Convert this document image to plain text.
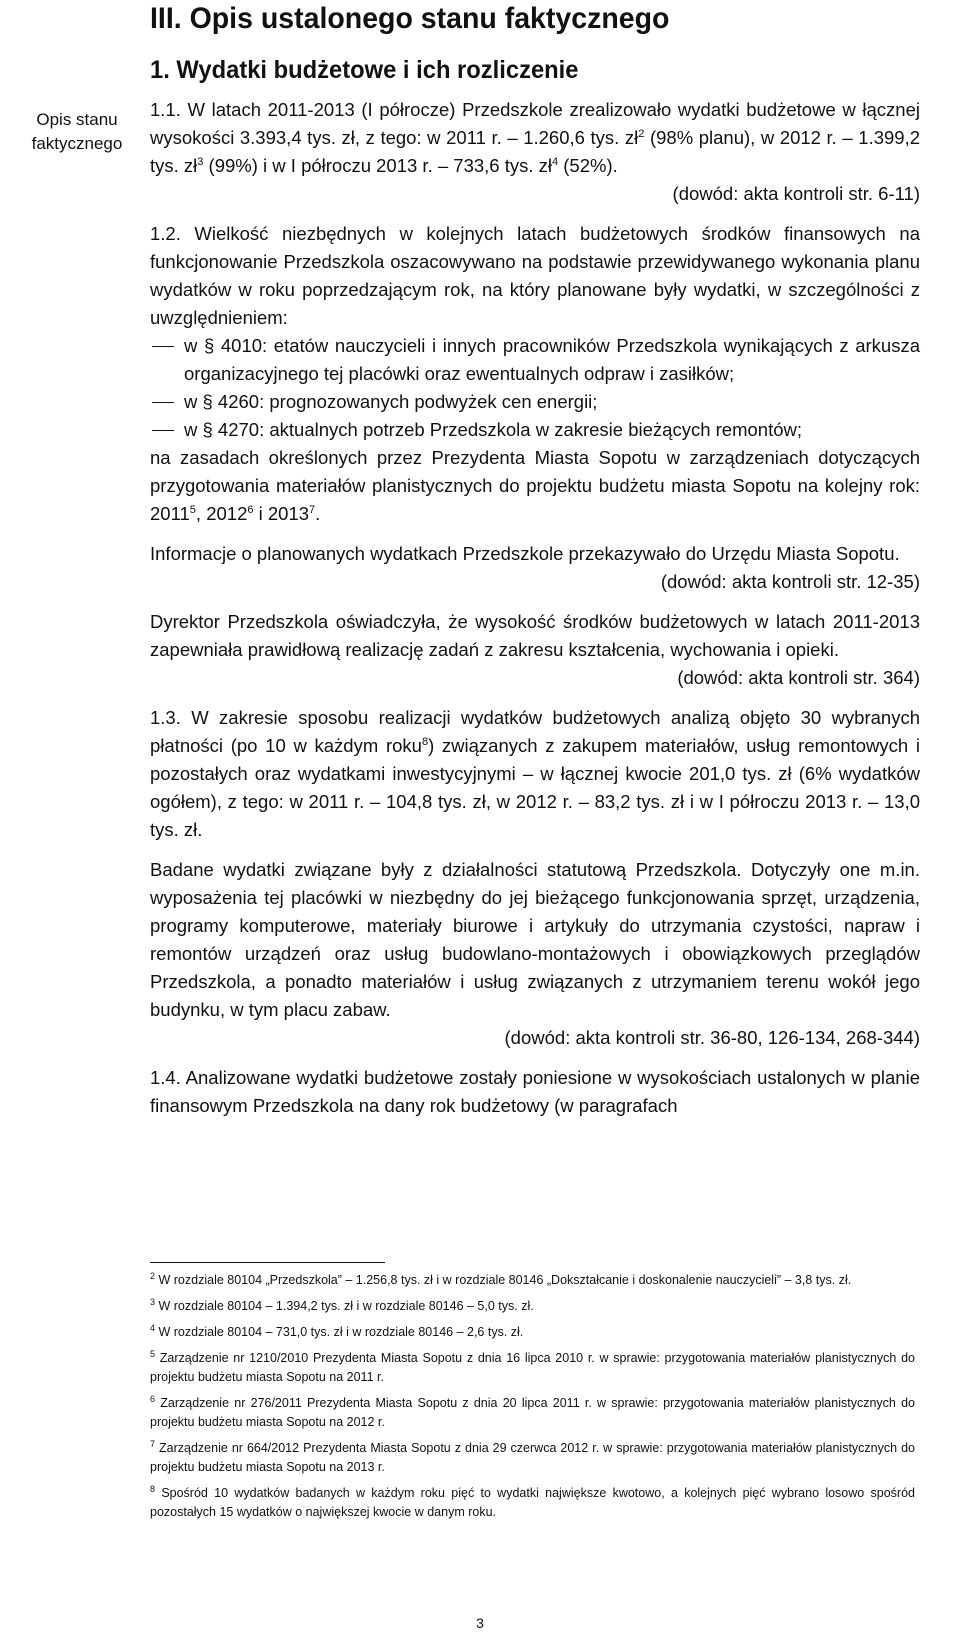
Opis stanu faktycznego
III. Opis ustalonego stanu faktycznego
1. Wydatki budżetowe i ich rozliczenie

1.1. W latach 2011-2013 (I półrocze) Przedszkole zrealizowało wydatki budżetowe w łącznej wysokości 3.393,4 tys. zł, z tego: w 2011 r. – 1.260,6 tys. $zł^2$ (98% planu), w 2012 r. – 1.399,2 tys. $zł^3$ (99%) i w I półroczu 2013 r. – 733,6 tys. $zł^4$ (52%).

(dowód: akta kontroli str. 6-11)

1.2. Wielkość niezbędnych w kolejnych latach budżetowych środków finansowych na funkcjonowanie Przedszkola oszacowywano na podstawie przewidywanego wykonania planu wydatków w roku poprzedzającym rok, na który planowane były wydatki, w szczególności z uwzględnieniem:

w § 4010: etatów nauczycieli i innych pracowników Przedszkola wynikających z arkusza organizacyjnego tej placówki oraz ewentualnych odpraw i zasiłków;
w § 4260: prognozowanych podwyżek cen energii;
w § 4270: aktualnych potrzeb Przedszkola w zakresie bieżących remontów;

na zasadach określonych przez Prezydenta Miasta Sopotu w zarządzeniach dotyczących przygotowania materiałów planistycznych do projektu budżetu miasta Sopotu na kolejny rok: 2011$^5$, 2012$^6$ i 2013$^7$.

Informacje o planowanych wydatkach Przedszkole przekazywało do Urzędu Miasta Sopotu.

(dowód: akta kontroli str. 12-35)

Dyrektor Przedszkola oświadczyła, że wysokość środków budżetowych w latach 2011-2013 zapewniała prawidłową realizację zadań z zakresu kształcenia, wychowania i opieki.

(dowód: akta kontroli str. 364)

1.3. W zakresie sposobu realizacji wydatków budżetowych analizą objęto 30 wybranych płatności (po 10 w każdym roku$^8$) związanych z zakupem materiałów, usług remontowych i pozostałych oraz wydatkami inwestycyjnymi – w łącznej kwocie 201,0 tys. zł (6% wydatków ogółem), z tego: w 2011 r. – 104,8 tys. zł, w 2012 r. – 83,2 tys. zł i w I półroczu 2013 r. – 13,0 tys. zł.

Badane wydatki związane były z działalności statutową Przedszkola. Dotyczyły one m.in. wyposażenia tej placówki w niezbędny do jej bieżącego funkcjonowania sprzęt, urządzenia, programy komputerowe, materiały biurowe i artykuły do utrzymania czystości, napraw i remontów urządzeń oraz usług budowlano-montażowych i obowiązkowych przeglądów Przedszkola, a ponadto materiałów i usług związanych z utrzymaniem terenu wokół jego budynku, w tym placu zabaw.

(dowód: akta kontroli str. 36-80, 126-134, 268-344)

1.4. Analizowane wydatki budżetowe zostały poniesione w wysokościach ustalonych w planie finansowym Przedszkola na dany rok budżetowy (w paragrafach

$^2$ W rozdziale 80104 „Przedszkola” – 1.256,8 tys. zł i w rozdziale 80146 „Dokształcanie i doskonalenie nauczycieli” – 3,8 tys. zł.
$^3$ W rozdziale 80104 – 1.394,2 tys. zł i w rozdziale 80146 – 5,0 tys. zł.
$^4$ W rozdziale 80104 – 731,0 tys. zł i w rozdziale 80146 – 2,6 tys. zł.
$^5$ Zarządzenie nr 1210/2010 Prezydenta Miasta Sopotu z dnia 16 lipca 2010 r. w sprawie: przygotowania materiałów planistycznych do projektu budżetu miasta Sopotu na 2011 r.
$^6$ Zarządzenie nr 276/2011 Prezydenta Miasta Sopotu z dnia 20 lipca 2011 r. w sprawie: przygotowania materiałów planistycznych do projektu budżetu miasta Sopotu na 2012 r.
$^7$ Zarządzenie nr 664/2012 Prezydenta Miasta Sopotu z dnia 29 czerwca 2012 r. w sprawie: przygotowania materiałów planistycznych do projektu budżetu miasta Sopotu na 2013 r.
$^8$ Spośród 10 wydatków badanych w każdym roku pięć to wydatki największe kwotowo, a kolejnych pięć wybrano losowo spośród pozostałych 15 wydatków o największej kwocie w danym roku.
3
